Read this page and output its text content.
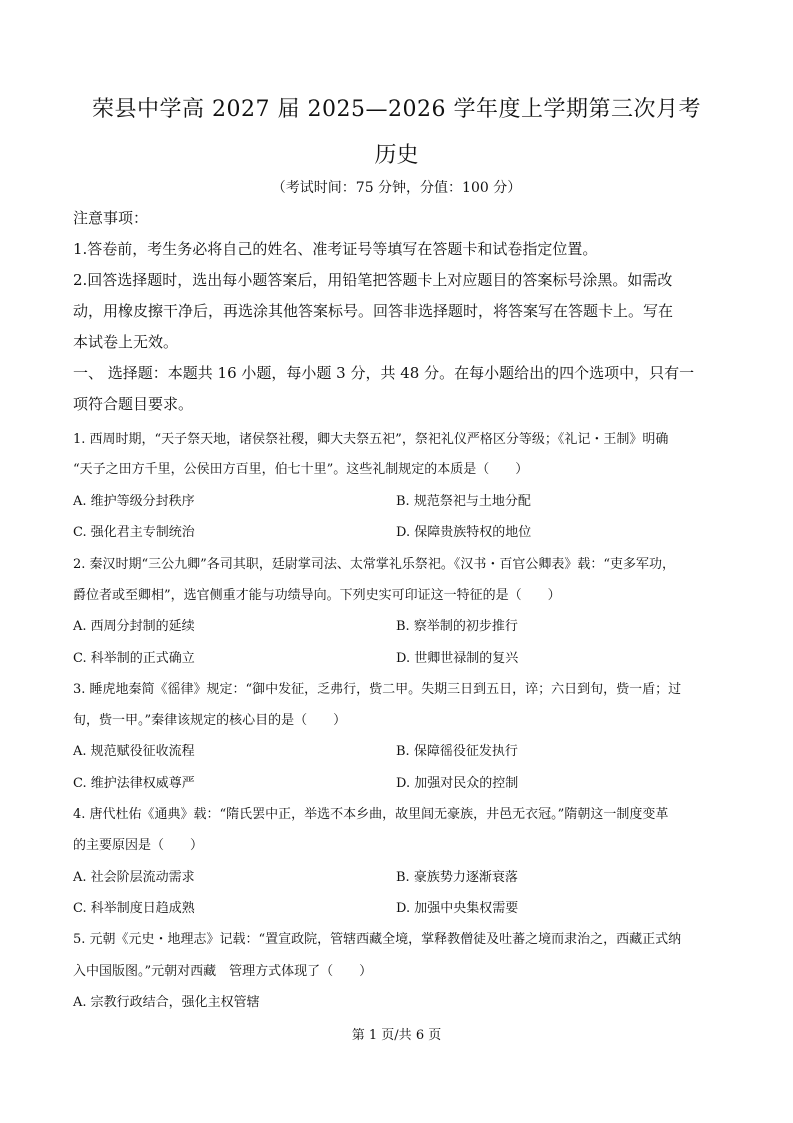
荣县中学高 2027 届 2025—2026 学年度上学期第三次月考
历史
（考试时间：75 分钟，分值：100 分）
注意事项：
1.答卷前，考生务必将自己的姓名、准考证号等填写在答题卡和试卷指定位置。
2.回答选择题时，选出每小题答案后，用铅笔把答题卡上对应题目的答案标号涂黑。如需改
动，用橡皮擦干净后，再选涂其他答案标号。回答非选择题时，将答案写在答题卡上。写在
本试卷上无效。
一、 选择题：本题共 16 小题，每小题 3 分，共 48 分。在每小题给出的四个选项中，只有一
项符合题目要求。
1. 西周时期，“天子祭天地，诸侯祭社稷，卿大夫祭五祀”，祭祀礼仪严格区分等级；《礼记・王制》明确
“天子之田方千里，公侯田方百里，伯七十里”。这些礼制规定的本质是（　　）
A. 维护等级分封秩序	B. 规范祭祀与土地分配
C. 强化君主专制统治	D. 保障贵族特权的地位
2. 秦汉时期“三公九卿”各司其职，廷尉掌司法、太常掌礼乐祭祀。《汉书・百官公卿表》载：“吏多军功，
爵位者或至卿相”，选官侧重才能与功绩导向。下列史实可印证这一特征的是（　　）
A. 西周分封制的延续	B. 察举制的初步推行
C. 科举制的正式确立	D. 世卿世禄制的复兴
3. 睡虎地秦简《徭律》规定：“御中发征，乏弗行，赀二甲。失期三日到五日，谇；六日到旬，赀一盾；过
旬，赀一甲。”秦律该规定的核心目的是（　　）
A. 规范赋役征收流程	B. 保障徭役征发执行
C. 维护法律权威尊严	D. 加强对民众的控制
4. 唐代杜佑《通典》载：“隋氏罢中正，举选不本乡曲，故里闾无豪族，井邑无衣冠。”隋朝这一制度变革
的主要原因是（　　）
A. 社会阶层流动需求	B. 豪族势力逐渐衰落
C. 科举制度日趋成熟	D. 加强中央集权需要
5. 元朝《元史・地理志》记载：“置宣政院，管辖西藏全境，掌释教僧徒及吐蕃之境而隶治之，西藏正式纳
入中国版图。”元朝对西藏　管理方式体现了（　　）
A. 宗教行政结合，强化主权管辖
第 1 页/共 6 页
